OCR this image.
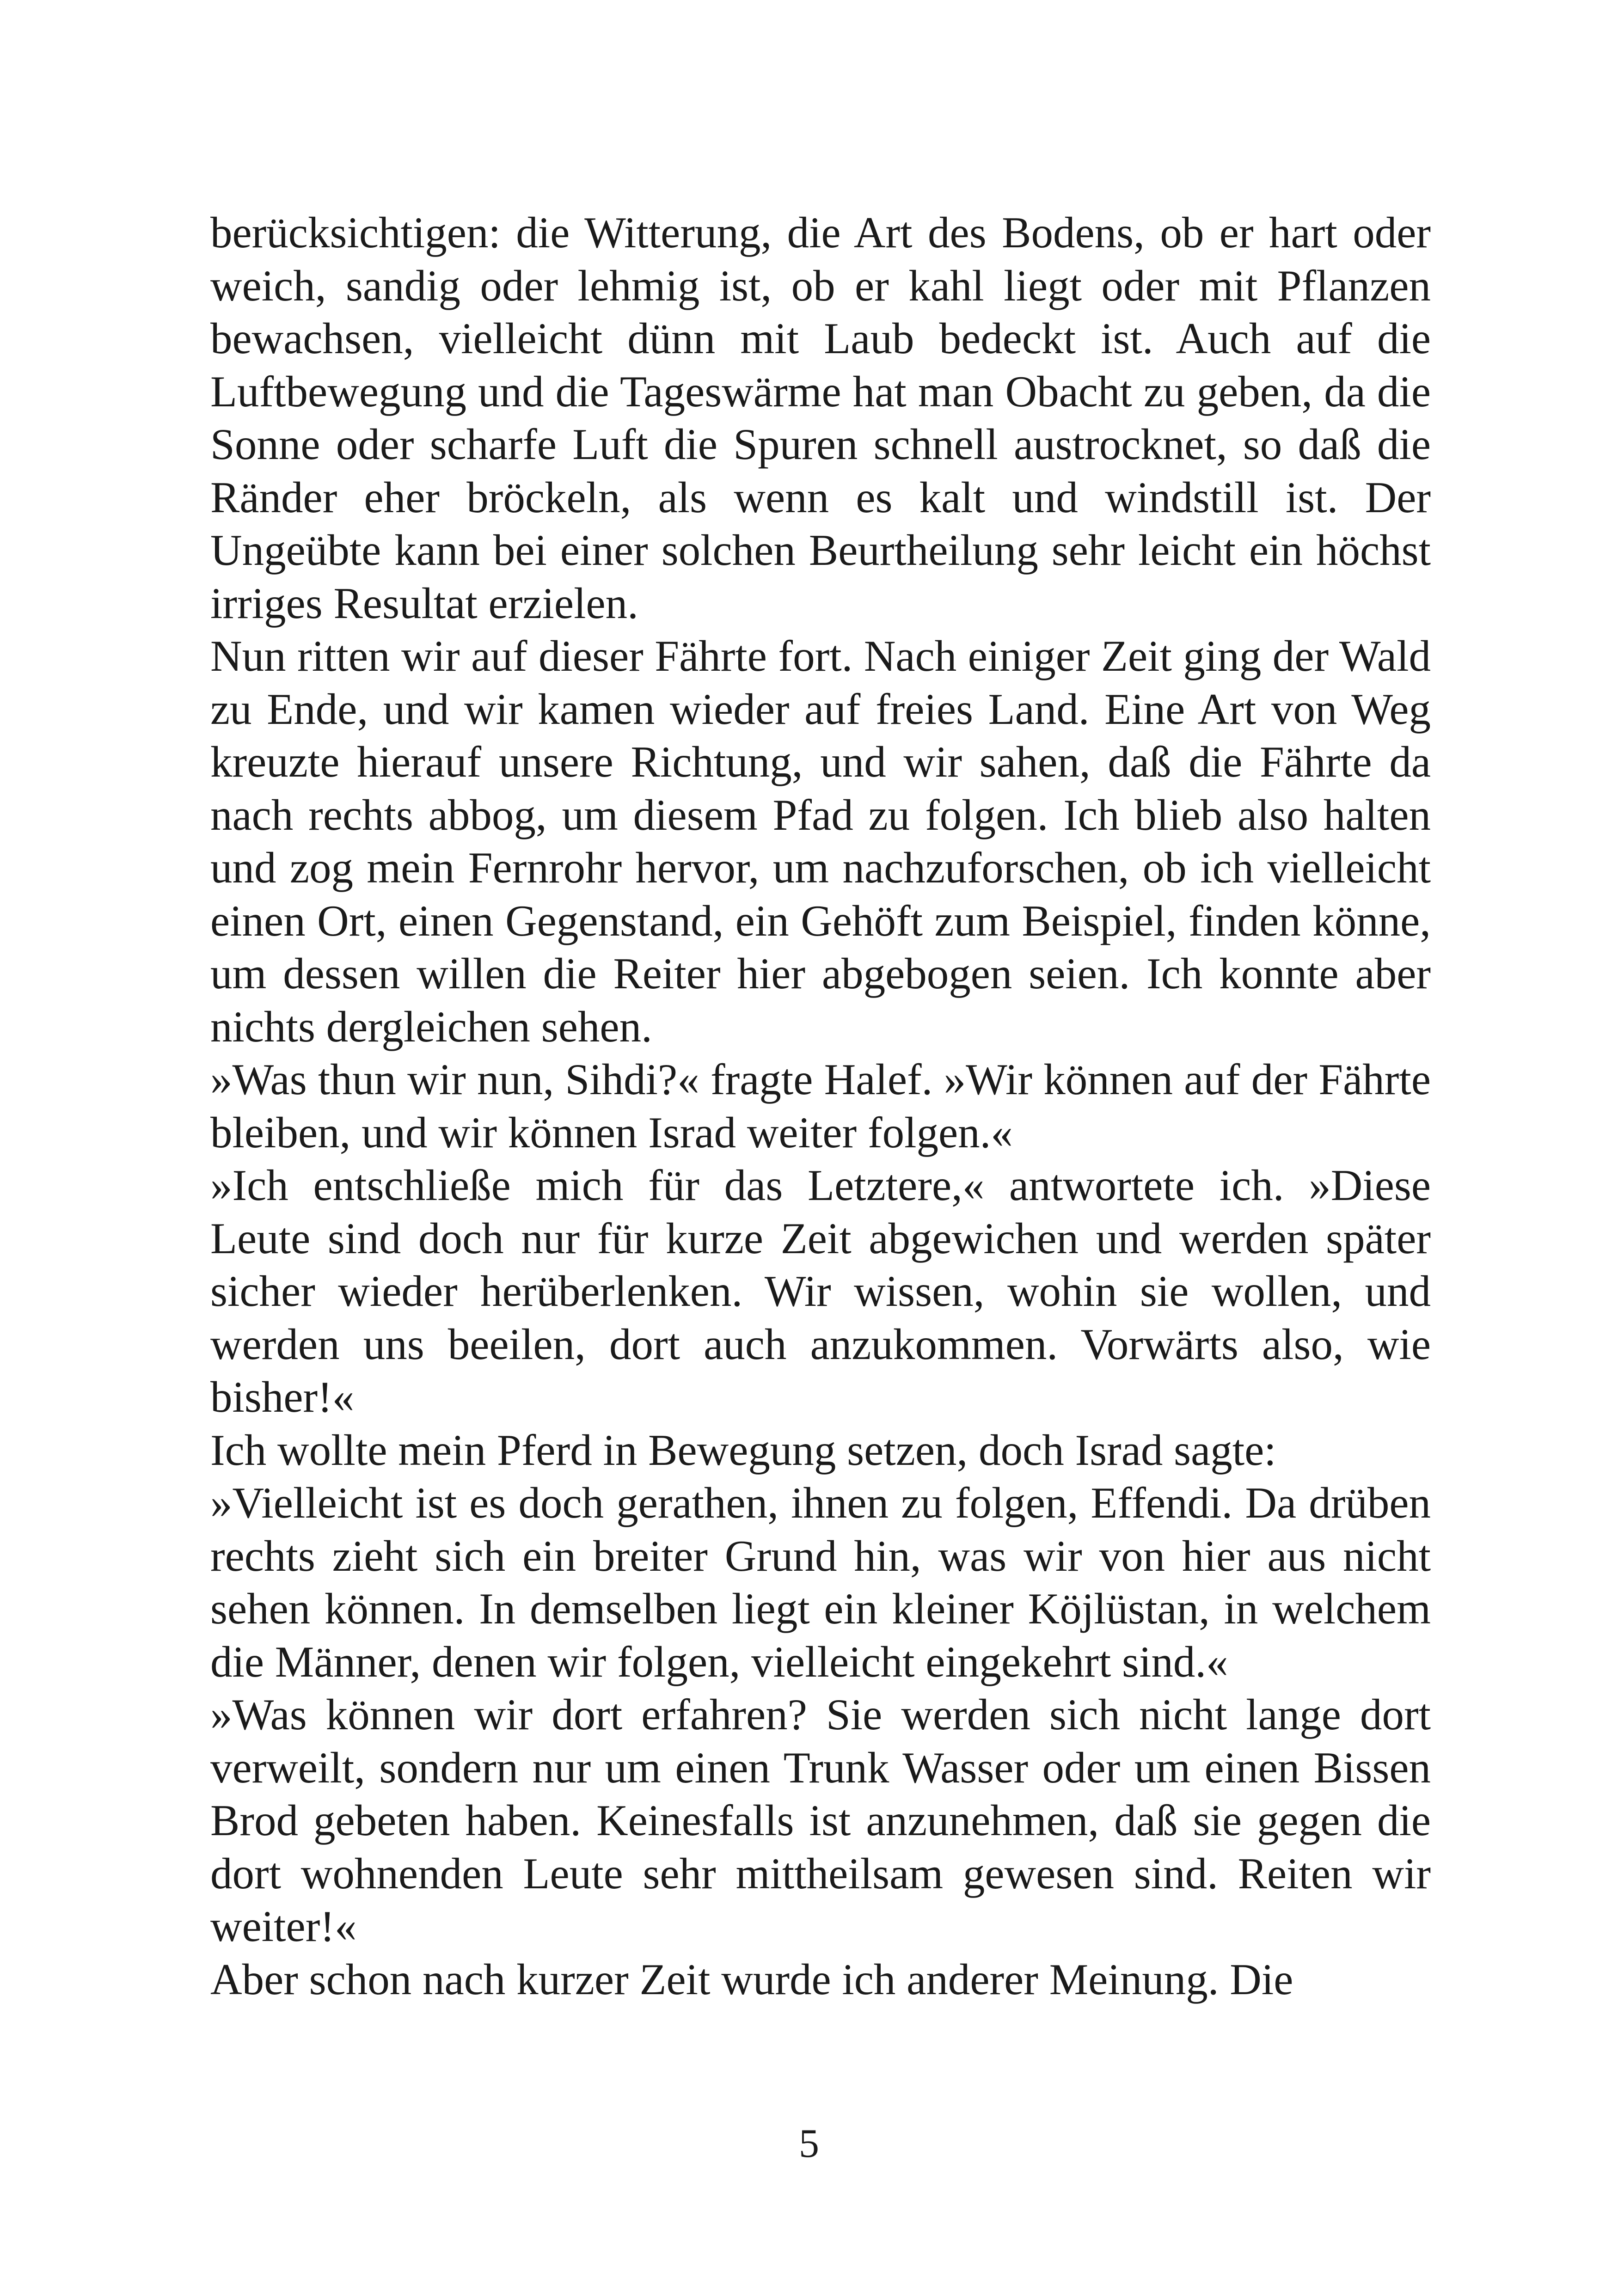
berücksichtigen: die Witterung, die Art des Bodens, ob er hart oder weich, sandig oder lehmig ist, ob er kahl liegt oder mit Pflanzen bewachsen, vielleicht dünn mit Laub bedeckt ist. Auch auf die Luftbewegung und die Tageswärme hat man Obacht zu geben, da die Sonne oder scharfe Luft die Spuren schnell austrocknet, so daß die Ränder eher bröckeln, als wenn es kalt und windstill ist. Der Ungeübte kann bei einer solchen Beurtheilung sehr leicht ein höchst irriges Resultat erzielen.

Nun ritten wir auf dieser Fährte fort. Nach einiger Zeit ging der Wald zu Ende, und wir kamen wieder auf freies Land. Eine Art von Weg kreuzte hierauf unsere Richtung, und wir sahen, daß die Fährte da nach rechts abbog, um diesem Pfad zu folgen. Ich blieb also halten und zog mein Fernrohr hervor, um nachzuforschen, ob ich vielleicht einen Ort, einen Gegenstand, ein Gehöft zum Beispiel, finden könne, um dessen willen die Reiter hier abgebogen seien. Ich konnte aber nichts dergleichen sehen.

»Was thun wir nun, Sihdi?« fragte Halef. »Wir können auf der Fährte bleiben, und wir können Israd weiter folgen.«

»Ich entschließe mich für das Letztere,« antwortete ich. »Diese Leute sind doch nur für kurze Zeit abgewichen und werden später sicher wieder herüberlenken. Wir wissen, wohin sie wollen, und werden uns beeilen, dort auch anzukommen. Vorwärts also, wie bisher!«

Ich wollte mein Pferd in Bewegung setzen, doch Israd sagte:

»Vielleicht ist es doch gerathen, ihnen zu folgen, Effendi. Da drüben rechts zieht sich ein breiter Grund hin, was wir von hier aus nicht sehen können. In demselben liegt ein kleiner Köjlüstan, in welchem die Männer, denen wir folgen, vielleicht eingekehrt sind.«

»Was können wir dort erfahren? Sie werden sich nicht lange dort verweilt, sondern nur um einen Trunk Wasser oder um einen Bissen Brod gebeten haben. Keinesfalls ist anzunehmen, daß sie gegen die dort wohnenden Leute sehr mittheilsam gewesen sind. Reiten wir weiter!«

Aber schon nach kurzer Zeit wurde ich anderer Meinung. Die

5
